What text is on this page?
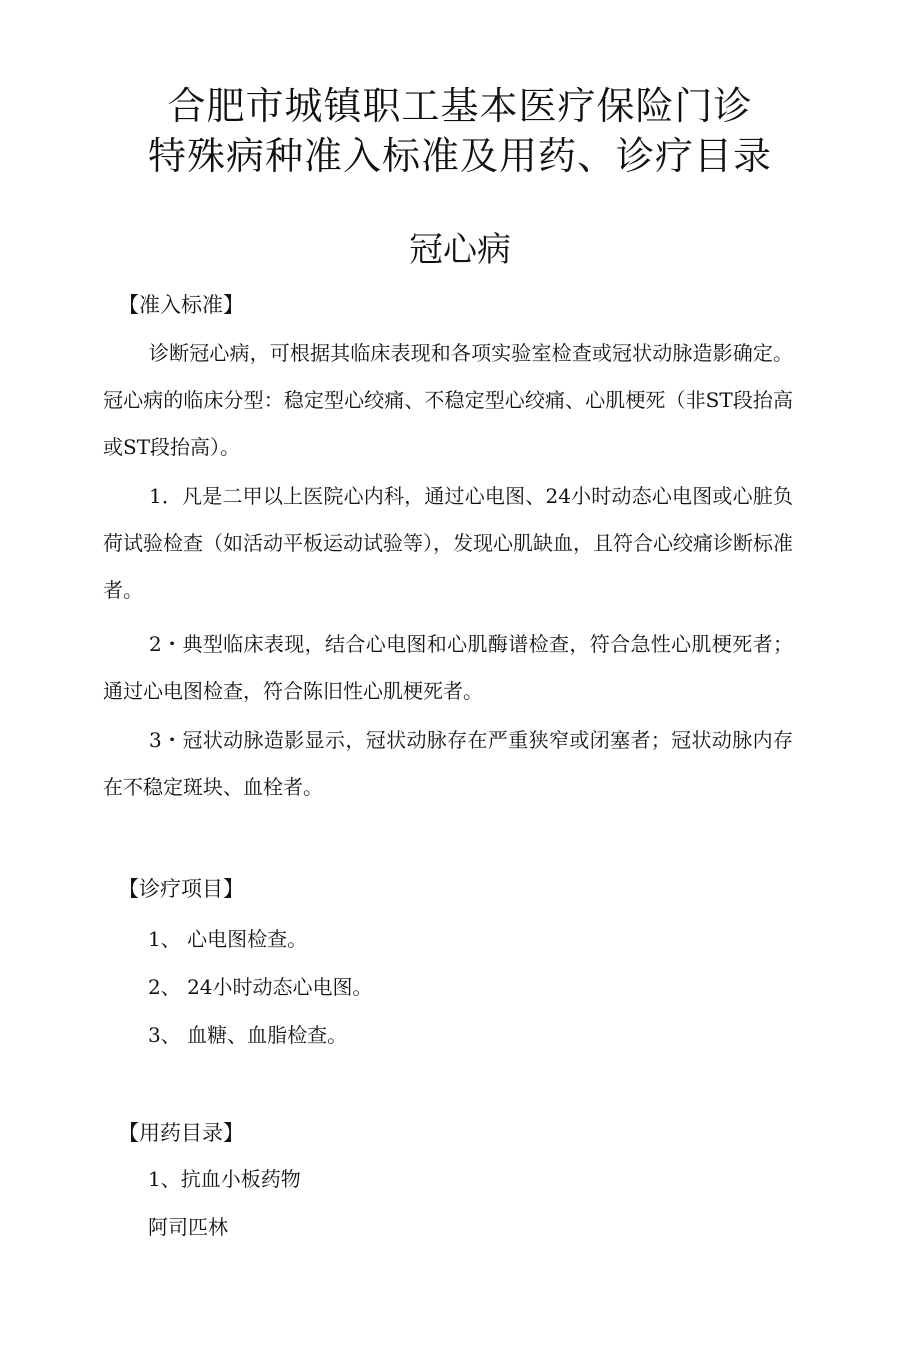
合肥市城镇职工基本医疗保险门诊
特殊病种准入标准及用药、诊疗目录
冠心病
【准入标准】
诊断冠心病，可根据其临床表现和各项实验室检查或冠状动脉造影确定。冠心病的临床分型：稳定型心绞痛、不稳定型心绞痛、心肌梗死（非ST段抬高或ST段抬高）。
1．凡是二甲以上医院心内科，通过心电图、24小时动态心电图或心脏负荷试验检查（如活动平板运动试验等），发现心肌缺血，且符合心绞痛诊断标准者。
2・典型临床表现，结合心电图和心肌酶谱检查，符合急性心肌梗死者；通过心电图检查，符合陈旧性心肌梗死者。
3・冠状动脉造影显示，冠状动脉存在严重狭窄或闭塞者；冠状动脉内存在不稳定斑块、血栓者。
【诊疗项目】
1、 心电图检查。
2、 24小时动态心电图。
3、 血糖、血脂检查。
【用药目录】
1、抗血小板药物
阿司匹林
